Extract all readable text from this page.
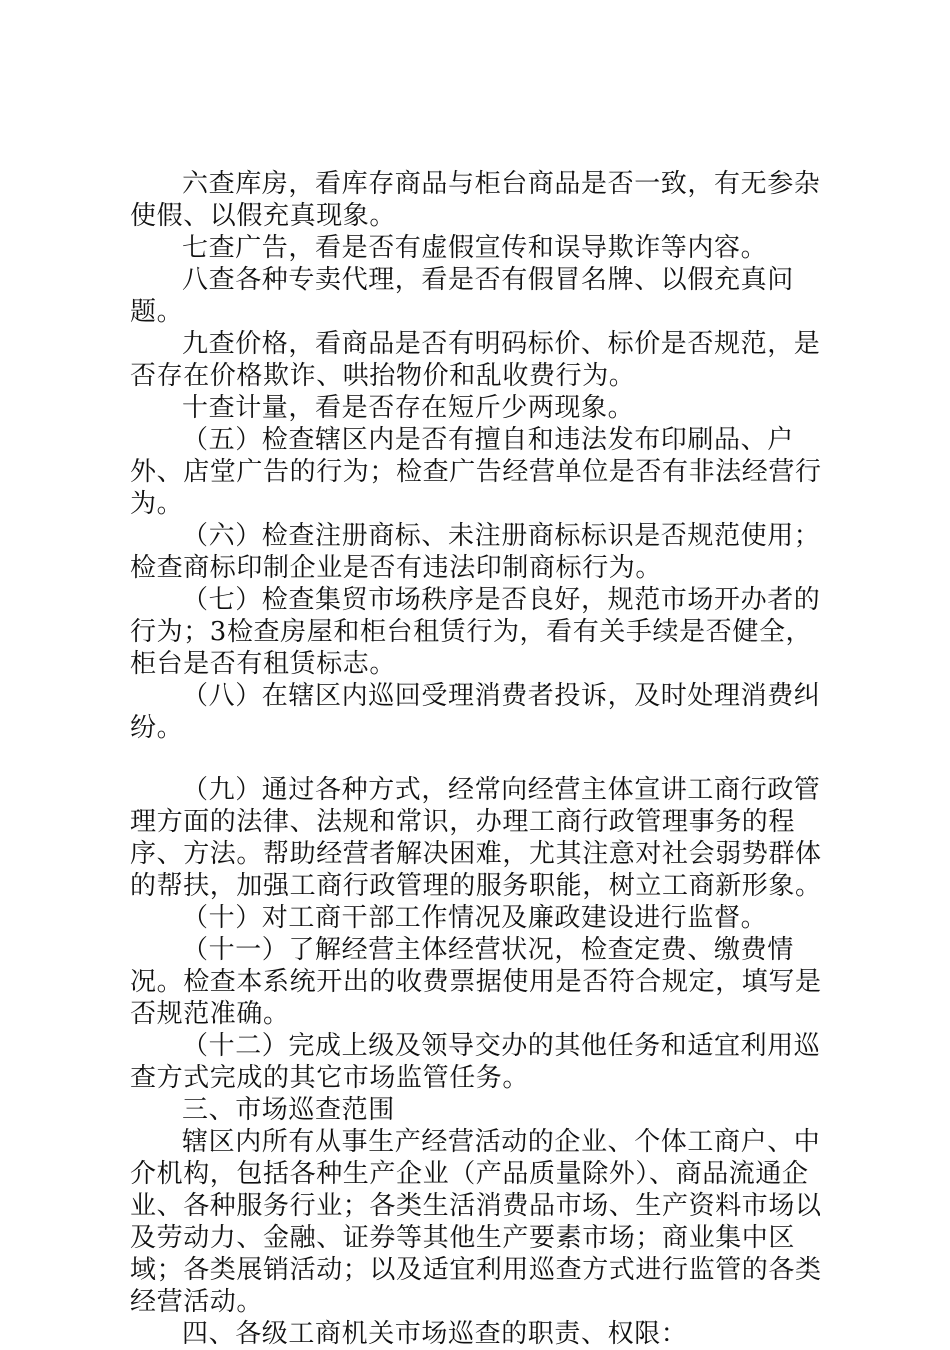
六查库房，看库存商品与柜台商品是否一致，有无参杂使假、以假充真现象。

七查广告，看是否有虚假宣传和误导欺诈等内容。

八查各种专卖代理，看是否有假冒名牌、以假充真问题。

九查价格，看商品是否有明码标价、标价是否规范，是否存在价格欺诈、哄抬物价和乱收费行为。

十查计量，看是否存在短斤少两现象。

（五）检查辖区内是否有擅自和违法发布印刷品、户外、店堂广告的行为；检查广告经营单位是否有非法经营行为。

（六）检查注册商标、未注册商标标识是否规范使用；检查商标印制企业是否有违法印制商标行为。

（七）检查集贸市场秩序是否良好，规范市场开办者的行为；3检查房屋和柜台租赁行为，看有关手续是否健全，柜台是否有租赁标志。

（八）在辖区内巡回受理消费者投诉，及时处理消费纠纷。

（九）通过各种方式，经常向经营主体宣讲工商行政管理方面的法律、法规和常识，办理工商行政管理事务的程序、方法。帮助经营者解决困难，尤其注意对社会弱势群体的帮扶，加强工商行政管理的服务职能，树立工商新形象。

（十）对工商干部工作情况及廉政建设进行监督。

（十一）了解经营主体经营状况，检查定费、缴费情况。检查本系统开出的收费票据使用是否符合规定，填写是否规范准确。

（十二）完成上级及领导交办的其他任务和适宜利用巡查方式完成的其它市场监管任务。

三、市场巡查范围

辖区内所有从事生产经营活动的企业、个体工商户、中介机构，包括各种生产企业（产品质量除外）、商品流通企业、各种服务行业；各类生活消费品市场、生产资料市场以及劳动力、金融、证券等其他生产要素市场；商业集中区域；各类展销活动；以及适宜利用巡查方式进行监管的各类经营活动。

四、各级工商机关市场巡查的职责、权限：
